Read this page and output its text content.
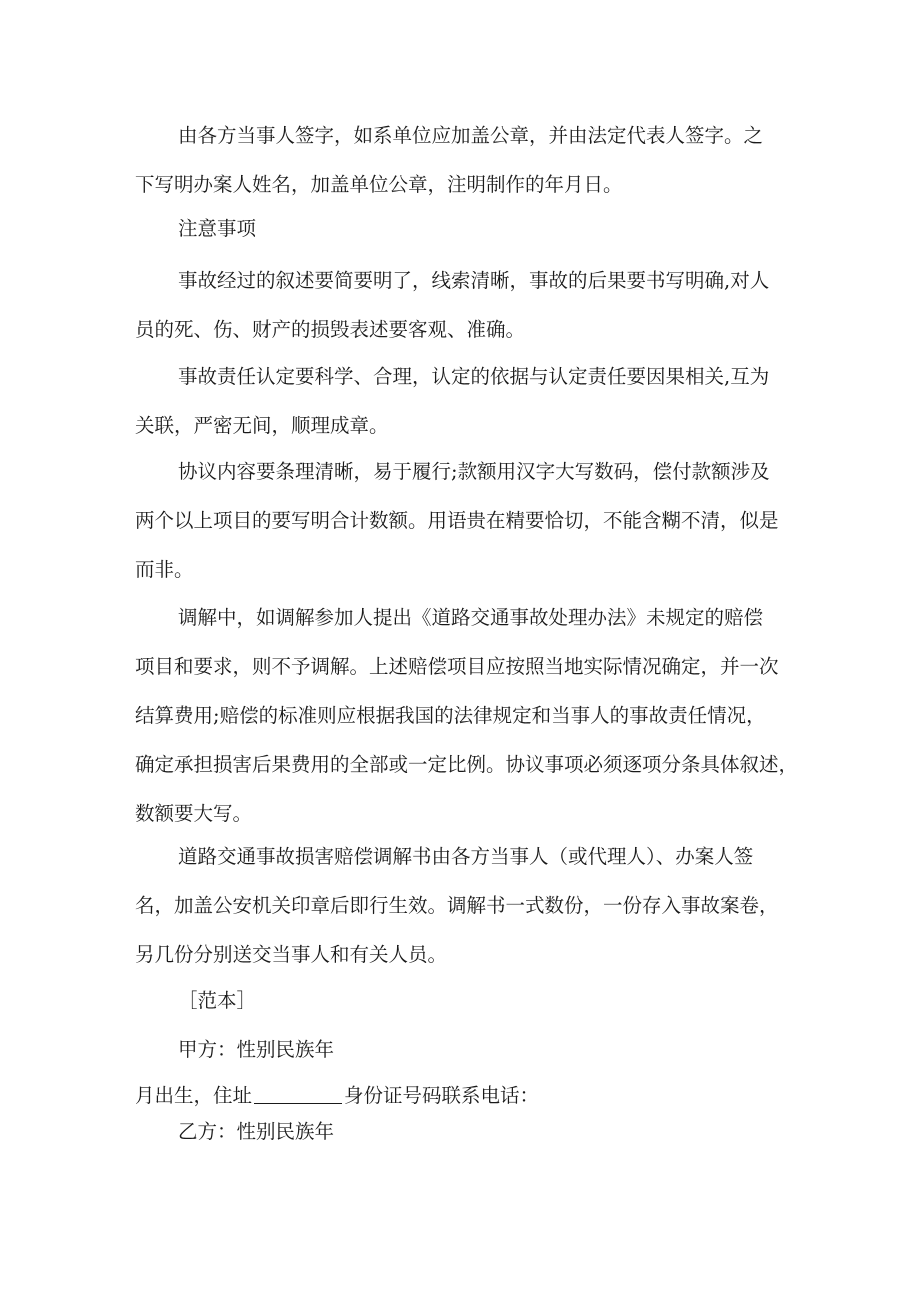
由各方当事人签字，如系单位应加盖公章，并由法定代表人签字。之
下写明办案人姓名，加盖单位公章，注明制作的年月日。

注意事项

事故经过的叙述要简要明了，线索清晰，事故的后果要书写明确,对人
员的死、伤、财产的损毁表述要客观、准确。

事故责任认定要科学、合理，认定的依据与认定责任要因果相关,互为
关联，严密无间，顺理成章。

协议内容要条理清晰，易于履行;款额用汉字大写数码，偿付款额涉及
两个以上项目的要写明合计数额。用语贵在精要恰切，不能含糊不清，似是
而非。

调解中，如调解参加人提出《道路交通事故处理办法》未规定的赔偿
项目和要求，则不予调解。上述赔偿项目应按照当地实际情况确定，并一次
结算费用;赔偿的标准则应根据我国的法律规定和当事人的事故责任情况，
确定承担损害后果费用的全部或一定比例。协议事项必须逐项分条具体叙述，
数额要大写。

道路交通事故损害赔偿调解书由各方当事人（或代理人）、办案人签
名，加盖公安机关印章后即行生效。调解书一式数份，一份存入事故案卷，
另几份分别送交当事人和有关人员。

［范本］

甲方：性别民族年

月出生，住址	身份证号码联系电话：

乙方：性别民族年
